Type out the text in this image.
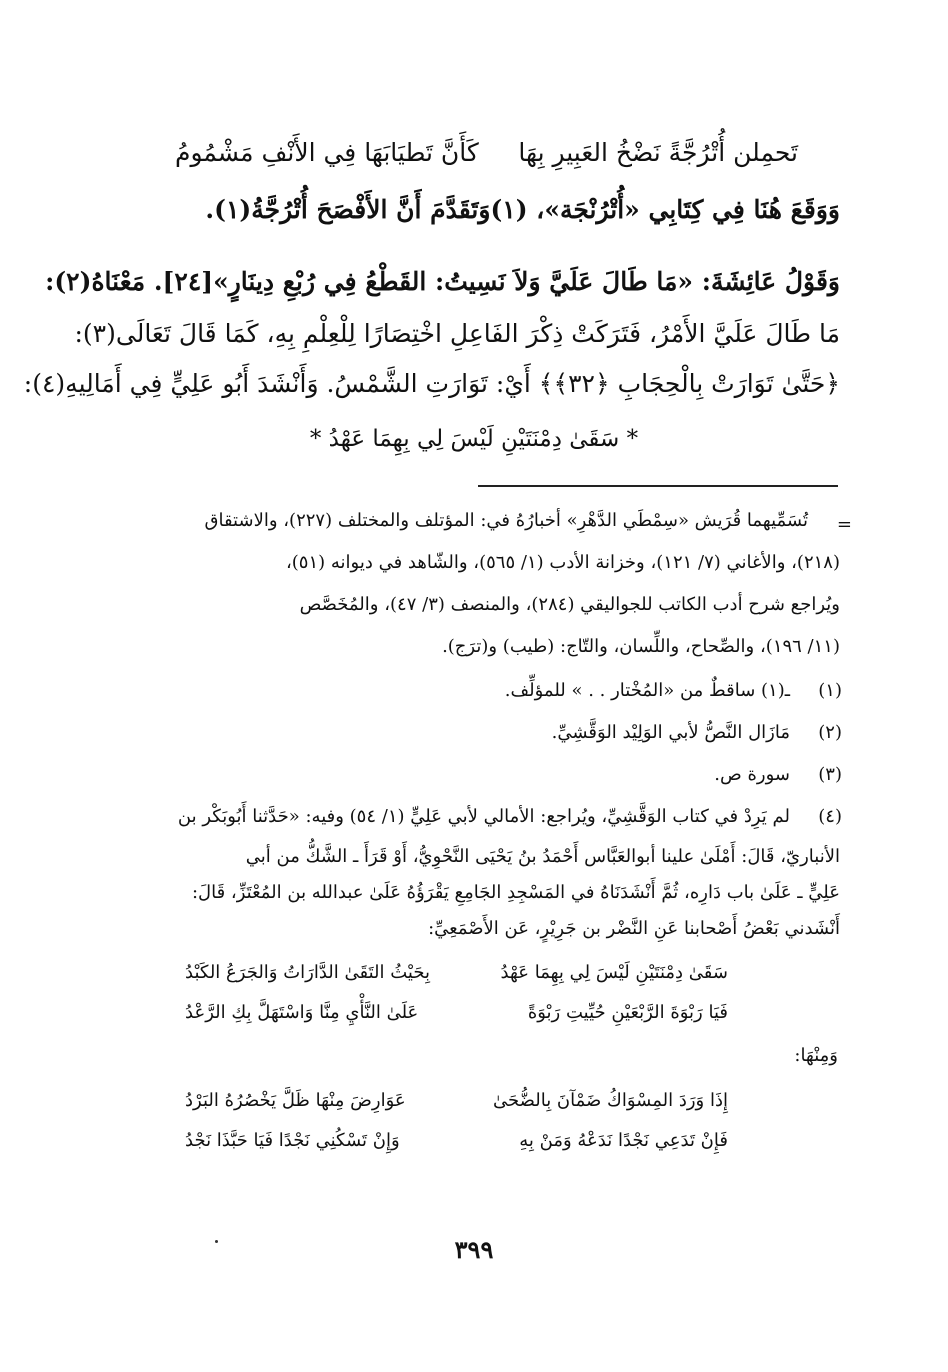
تَحمِلن أُتْرُجَّةً نَضْخُ العَبِيرِ بِهَا
كَأَنَّ تَطيَابَهَا فِي الأَنْفِ مَشْمُومُ
وَوَقَعَ هُنَا فِي كِتَابِي «أُتْرُنْجَة»، (١)وَتَقَدَّمَ أَنَّ الأَفْصَحَ أُتْرُجَّةُ(١).
وَقَوْلُ عَائِشَةَ: «مَا طَالَ عَلَيَّ وَلاَ نَسِيتُ: القَطْعُ فِي رُبْعِ دِينَارٍ»[٢٤]. مَعْنَاهُ(٢):
مَا طَالَ عَلَيَّ الأَمْرُ، فَتَرَكَتْ ذِكْرَ الفَاعِلِ اخْتِصَارًا لِلْعِلْمِ بِهِ، كَمَا قَالَ تَعَالَى(٣):
﴿حَتَّىٰ تَوَارَتْ بِالْحِجَابِ ﴿٣٢﴾﴾ أَيْ: تَوَارَتِ الشَّمْسُ. وَأَنْشَدَ أَبُو عَلِيٍّ فِي أَمَالِيهِ(٤):
* سَقَىٰ دِمْنَتَيْنِ لَيْسَ لِي بِهِمَا عَهْدُ *
=
تُسَمِّيهما قُرَيش «سِمْطَي الدَّهْرِ» أخبارُهُ في: المؤتلف والمختلف (٢٢٧)، والاشتقاق
(٢١٨)، والأغاني (٧/ ١٢١)، وخزانة الأدب (١/ ٥٦٥)، والشّاهد في ديوانه (٥١)،
ويُراجع شرح أدب الكاتب للجواليقي (٢٨٤)، والمنصف (٣/ ٤٧)، والمُخَصَّص
(١١/ ١٩٦)، والصِّحاح، واللِّسان، والتّاج: (طيب) و(ترَج).
(١)
ـ(١) ساقطٌ من «المُخْتار . . » للمؤلِّف.
(٢)
مَازَال النَّصُّ لأبي الوَلِيْد الوَقَّشِيِّ.
(٣)
سورة ص.
(٤)
لم يَرِدْ في كتاب الوَقَّشِيِّ، ويُراجع: الأمالي لأبي عَلِيٍّ (١/ ٥٤) وفيه: «حَدَّثنا أَبُوبَكْر بن
الأنباريّ، قَالَ: أَمْلَىٰ علينا أبوالعَبَّاس أَحْمَدُ بنُ يَحْيَى النَّحْوِيُّ، أَوْ قَرَأَ ـ الشَّكُّ من أبي
عَلِيٍّ ـ عَلَىٰ باب دَارِه، ثُمَّ أَنْشَدَنَاهُ في المَسْجِدِ الجَامِعِ يَقْرَؤُهُ عَلَىٰ عبدالله بن المُعْتَزِّ، قَالَ:
أَنْشَدني بَعْضُ أَصْحابنا عَنِ النَّضْر بن جَرِيْرٍ، عَن الأَصْمَعِيِّ:
سَقَىٰ دِمْنَتَيْنِ لَيْسَ لِي بِهِمَا عَهْدُ
بِحَيْثُ التَقَىٰ الدَّارَاتُ وَالجَرَعُ الكَبْدُ
فَيَا رَبْوَةَ الرَّبْعَيْنِ حُيِّيتِ رَبْوَةً
عَلَىٰ النَّأْيِ مِنَّا وَاسْتَهَلَّ بِكِ الرَّعْدُ
وَمِنْهَا:
إِذَا وَرَدَ المِسْوَاكُ ضَمْآنَ بِالضُّحَىٰ
عَوَارِضَ مِنْهَا ظَلَّ يَخْصُرُهُ البَرْدُ
فَإِنْ تَدَعِي نَجْدًا نَدَعْهُ وَمَنْ بِهِ
وَإِنْ تَسْكُنِي نَجْدًا فَيَا حَبَّذَا نَجْدُ
٣٩٩
